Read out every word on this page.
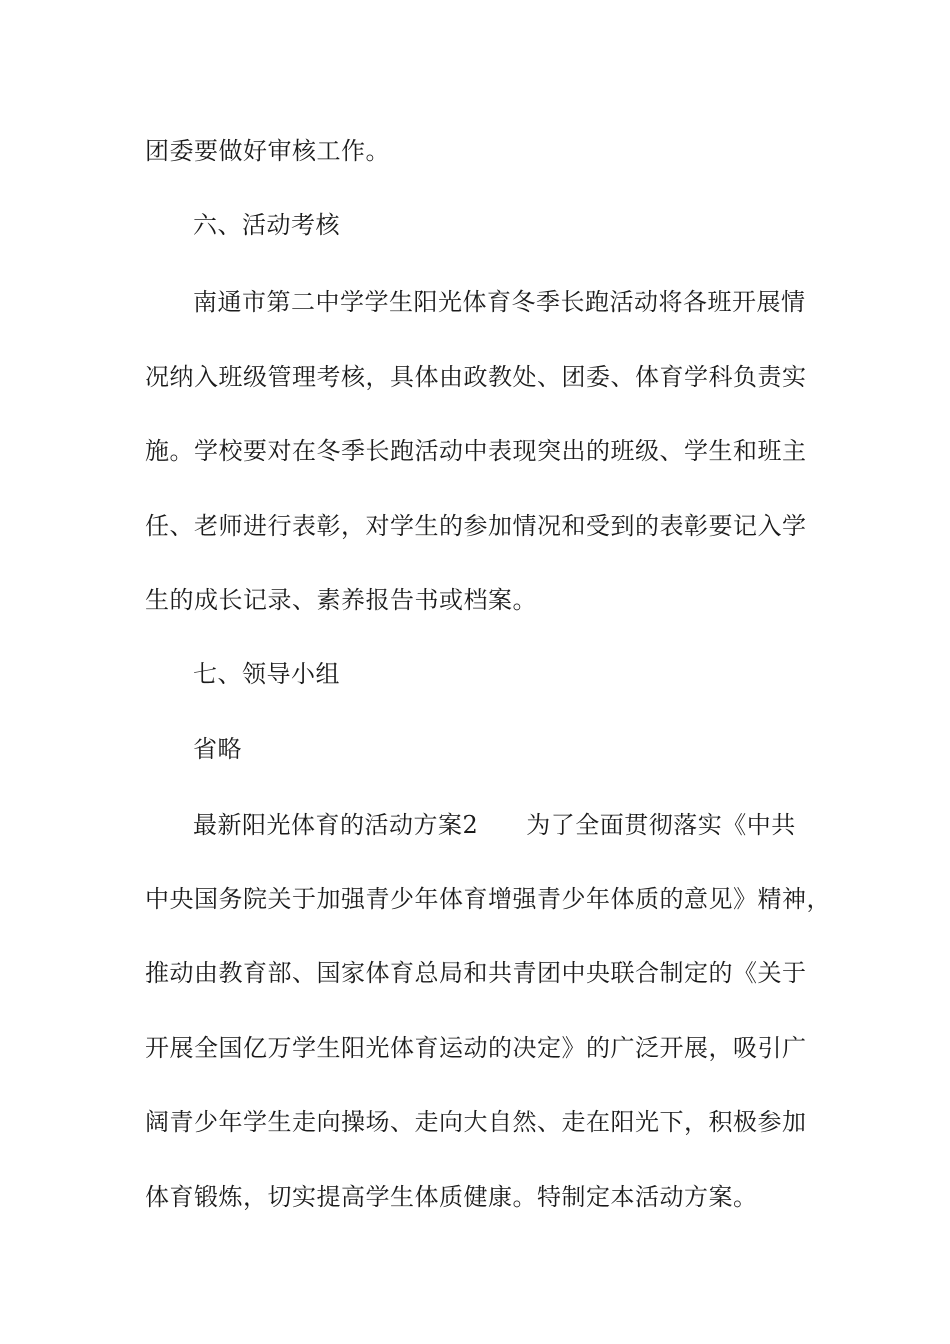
团委要做好审核工作。
六、活动考核
南通市第二中学学生阳光体育冬季长跑活动将各班开展情
况纳入班级管理考核，具体由政教处、团委、体育学科负责实
施。学校要对在冬季长跑活动中表现突出的班级、学生和班主
任、老师进行表彰，对学生的参加情况和受到的表彰要记入学
生的成长记录、素养报告书或档案。
七、领导小组
省略
最新阳光体育的活动方案2 为了全面贯彻落实《中共
中央国务院关于加强青少年体育增强青少年体质的意见》精神，
推动由教育部、国家体育总局和共青团中央联合制定的《关于
开展全国亿万学生阳光体育运动的决定》的广泛开展，吸引广
阔青少年学生走向操场、走向大自然、走在阳光下，积极参加
体育锻炼，切实提高学生体质健康。特制定本活动方案。
